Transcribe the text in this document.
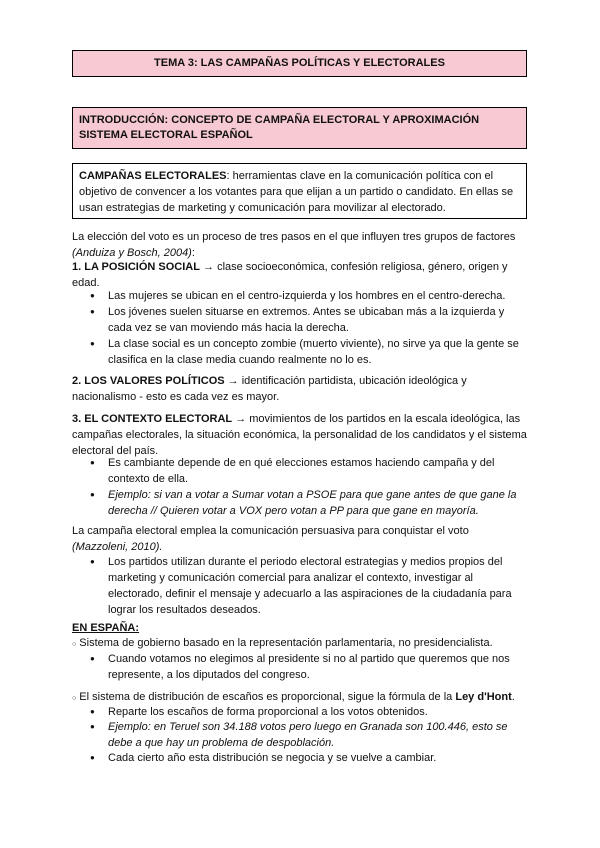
TEMA 3: LAS CAMPAÑAS POLÍTICAS Y ELECTORALES
INTRODUCCIÓN: CONCEPTO DE CAMPAÑA ELECTORAL Y APROXIMACIÓN SISTEMA ELECTORAL ESPAÑOL
CAMPAÑAS ELECTORALES: herramientas clave en la comunicación política con el objetivo de convencer a los votantes para que elijan a un partido o candidato. En ellas se usan estrategias de marketing y comunicación para movilizar al electorado.
La elección del voto es un proceso de tres pasos en el que influyen tres grupos de factores (Anduiza y Bosch, 2004):
1. LA POSICIÓN SOCIAL → clase socioeconómica, confesión religiosa, género, origen y edad.
● Las mujeres se ubican en el centro-izquierda y los hombres en el centro-derecha.
● Los jóvenes suelen situarse en extremos. Antes se ubicaban más a la izquierda y cada vez se van moviendo más hacia la derecha.
● La clase social es un concepto zombie (muerto viviente), no sirve ya que la gente se clasifica en la clase media cuando realmente no lo es.
2. LOS VALORES POLÍTICOS → identificación partidista, ubicación ideológica y nacionalismo - esto es cada vez es mayor.
3. EL CONTEXTO ELECTORAL → movimientos de los partidos en la escala ideológica, las campañas electorales, la situación económica, la personalidad de los candidatos y el sistema electoral del país.
● Es cambiante depende de en qué elecciones estamos haciendo campaña y del contexto de ella.
● Ejemplo: si van a votar a Sumar votan a PSOE para que gane antes de que gane la derecha // Quieren votar a VOX pero votan a PP para que gane en mayoría.
La campaña electoral emplea la comunicación persuasiva para conquistar el voto
(Mazzoleni, 2010).
● Los partidos utilizan durante el periodo electoral estrategias y medios propios del marketing y comunicación comercial para analizar el contexto, investigar al electorado, definir el mensaje y adecuarlo a las aspiraciones de la ciudadanía para lograr los resultados deseados.
EN ESPAÑA:
○ Sistema de gobierno basado en la representación parlamentaria, no presidencialista.
● Cuando votamos no elegimos al presidente si no al partido que queremos que nos represente, a los diputados del congreso.
○ El sistema de distribución de escaños es proporcional, sigue la fórmula de la Ley d'Hont.
● Reparte los escaños de forma proporcional a los votos obtenidos.
● Ejemplo: en Teruel son 34.188 votos pero luego en Granada son 100.446, esto se debe a que hay un problema de despoblación.
● Cada cierto año esta distribución se negocia y se vuelve a cambiar.
